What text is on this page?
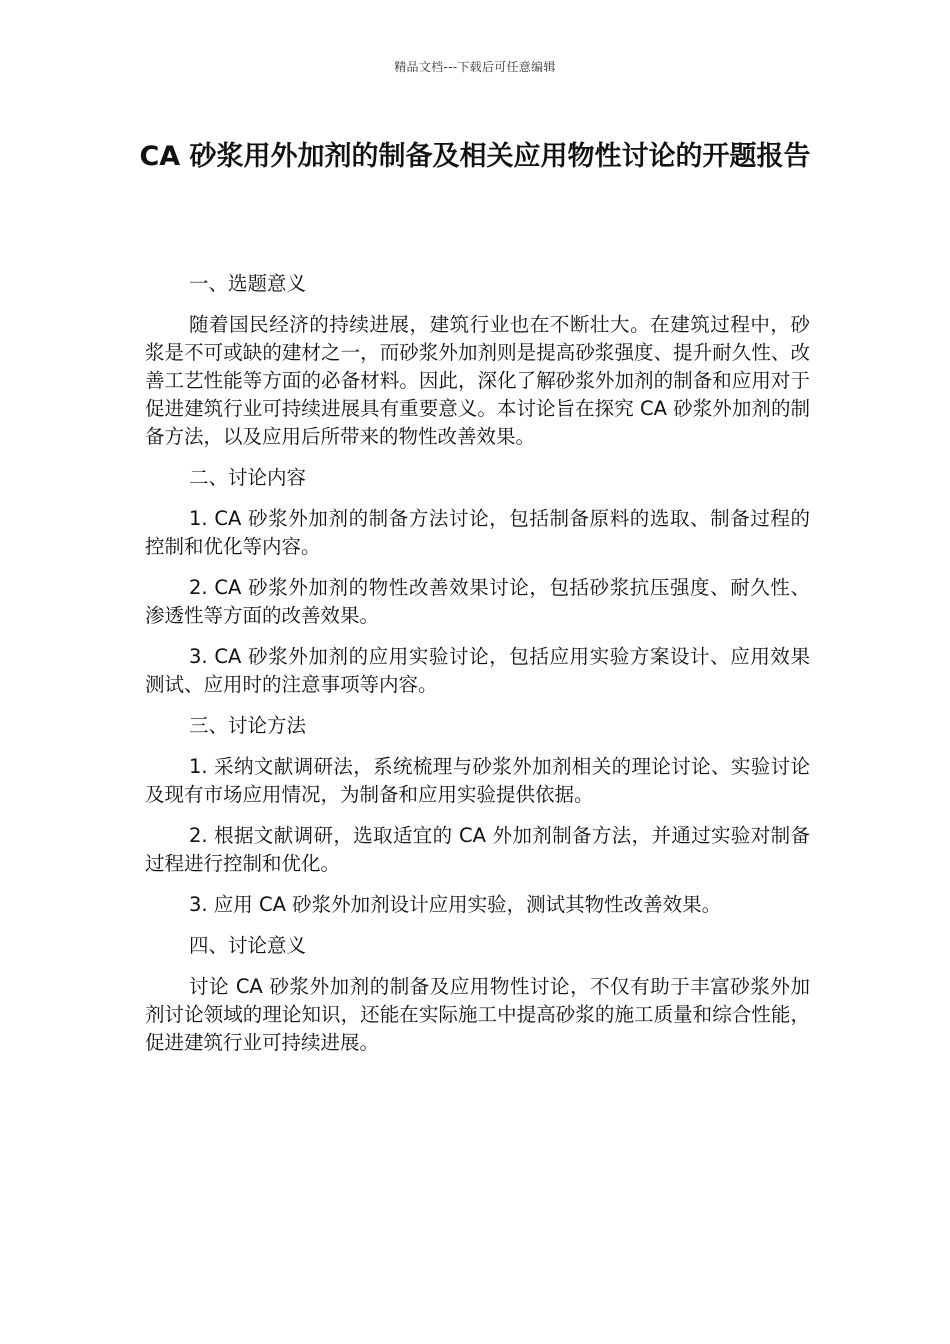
精品文档---下载后可任意编辑
CA 砂浆用外加剂的制备及相关应用物性讨论的开题报告

一、选题意义

随着国民经济的持续进展，建筑行业也在不断壮大。在建筑过程中，砂浆是不可或缺的建材之一，而砂浆外加剂则是提高砂浆强度、提升耐久性、改善工艺性能等方面的必备材料。因此，深化了解砂浆外加剂的制备和应用对于促进建筑行业可持续进展具有重要意义。本讨论旨在探究 CA 砂浆外加剂的制备方法，以及应用后所带来的物性改善效果。

二、讨论内容

1. CA 砂浆外加剂的制备方法讨论，包括制备原料的选取、制备过程的控制和优化等内容。

2. CA 砂浆外加剂的物性改善效果讨论，包括砂浆抗压强度、耐久性、渗透性等方面的改善效果。

3. CA 砂浆外加剂的应用实验讨论，包括应用实验方案设计、应用效果测试、应用时的注意事项等内容。

三、讨论方法

1. 采纳文献调研法，系统梳理与砂浆外加剂相关的理论讨论、实验讨论及现有市场应用情况，为制备和应用实验提供依据。

2. 根据文献调研，选取适宜的 CA 外加剂制备方法，并通过实验对制备过程进行控制和优化。

3. 应用 CA 砂浆外加剂设计应用实验，测试其物性改善效果。

四、讨论意义

讨论 CA 砂浆外加剂的制备及应用物性讨论，不仅有助于丰富砂浆外加剂讨论领域的理论知识，还能在实际施工中提高砂浆的施工质量和综合性能，促进建筑行业可持续进展。
